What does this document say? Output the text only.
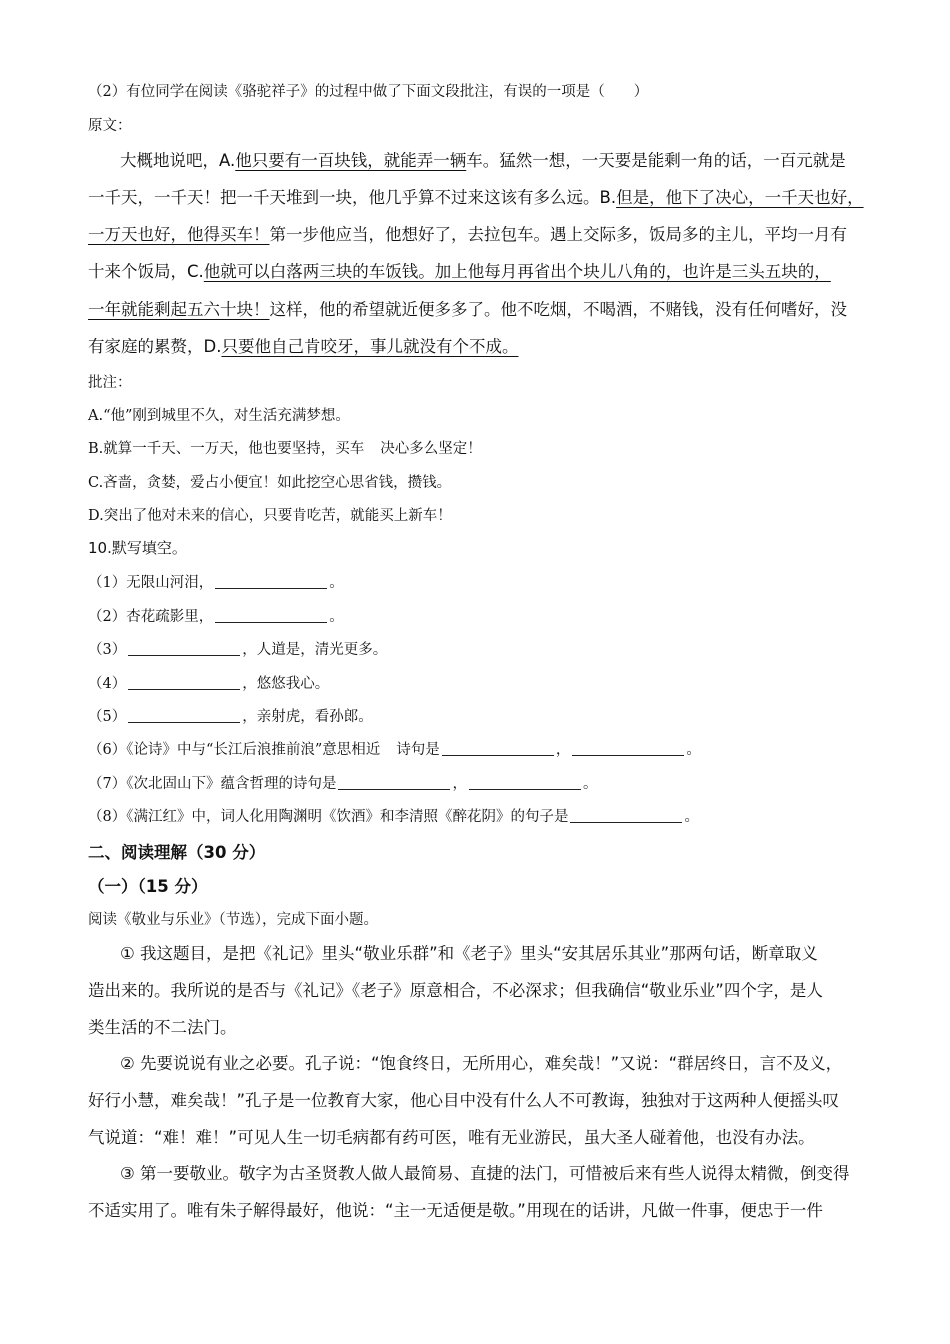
（2）有位同学在阅读《骆驼祥子》的过程中做了下面文段批注，有误的一项是（　　）
原文：
大概地说吧，A.他只要有一百块钱，就能弄一辆车。猛然一想，一天要是能剩一角的话，一百元就是
一千天，一千天！把一千天堆到一块，他几乎算不过来这该有多么远。B.但是，他下了决心，一千天也好，
一万天也好，他得买车！第一步他应当，他想好了，去拉包车。遇上交际多，饭局多的主儿，平均一月有
十来个饭局，C.他就可以白落两三块的车饭钱。加上他每月再省出个块儿八角的，也许是三头五块的，
一年就能剩起五六十块！这样，他的希望就近便多多了。他不吃烟，不喝酒，不赌钱，没有任何嗜好，没
有家庭的累赘，D.只要他自己肯咬牙，事儿就没有个不成。
批注：
A.“他”刚到城里不久，对生活充满梦想。
B.就算一千天、一万天，他也要坚持，买车 决心多么坚定！
C.吝啬，贪婪，爱占小便宜！如此挖空心思省钱，攒钱。
D.突出了他对未来的信心，只要肯吃苦，就能买上新车！
10.默写填空。
（1）无限山河泪，	。
（2）杏花疏影里，	。
（3）	，人道是，清光更多。
（4）	，悠悠我心。
（5）	，亲射虎，看孙郎。
（6）《论诗》中与“长江后浪推前浪”意思相近 诗句是	，	。
（7）《次北固山下》蕴含哲理的诗句是	，	。
（8）《满江红》中，词人化用陶渊明《饮酒》和李清照《醉花阴》的句子是	。
二、阅读理解（30 分）
（一）（15 分）
阅读《敬业与乐业》（节选），完成下面小题。
① 我这题目，是把《礼记》里头“敬业乐群”和《老子》里头“安其居乐其业”那两句话，断章取义
造出来的。我所说的是否与《礼记》《老子》原意相合，不必深求；但我确信“敬业乐业”四个字，是人
类生活的不二法门。
② 先要说说有业之必要。孔子说：“饱食终日，无所用心，难矣哉！”又说：“群居终日，言不及义，
好行小慧，难矣哉！”孔子是一位教育大家，他心目中没有什么人不可教诲，独独对于这两种人便摇头叹
气说道：“难！难！”可见人生一切毛病都有药可医，唯有无业游民，虽大圣人碰着他，也没有办法。
③ 第一要敬业。敬字为古圣贤教人做人最简易、直捷的法门，可惜被后来有些人说得太精微，倒变得
不适实用了。唯有朱子解得最好，他说：“主一无适便是敬。”用现在的话讲，凡做一件事，便忠于一件
